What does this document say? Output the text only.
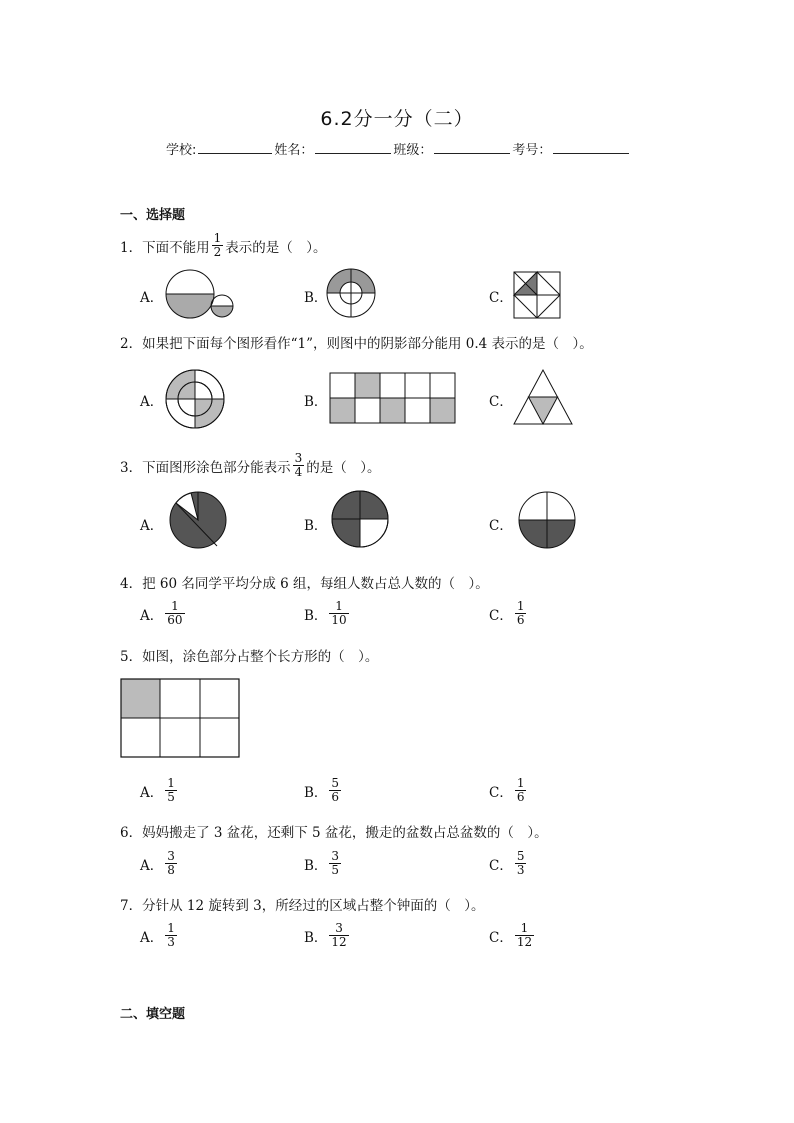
6.2分一分（二）
学校:	姓名：	班级：	考号：
一、选择题
1．下面不能用 $\frac{1}{2}$ 表示的是（　）。
A．	B．	C．
2．如果把下面每个图形看作“1”，则图中的阴影部分能用 0.4 表示的是（　）。
A．	B．	C．
3．下面图形涂色部分能表示 $\frac{3}{4}$ 的是（　）。
A．	B．	C．
4．把 60 名同学平均分成 6 组，每组人数占总人数的（　）。
A． $\frac{1}{60}$	B． $\frac{1}{10}$	C． $\frac{1}{6}$
5．如图，涂色部分占整个长方形的（　）。
A． $\frac{1}{5}$	B． $\frac{5}{6}$	C． $\frac{1}{6}$
6．妈妈搬走了 3 盆花，还剩下 5 盆花，搬走的盆数占总盆数的（　）。
A． $\frac{3}{8}$	B． $\frac{3}{5}$	C． $\frac{5}{3}$
7．分针从 12 旋转到 3，所经过的区域占整个钟面的（　）。
A． $\frac{1}{3}$	B． $\frac{3}{12}$	C． $\frac{1}{12}$
二、填空题
